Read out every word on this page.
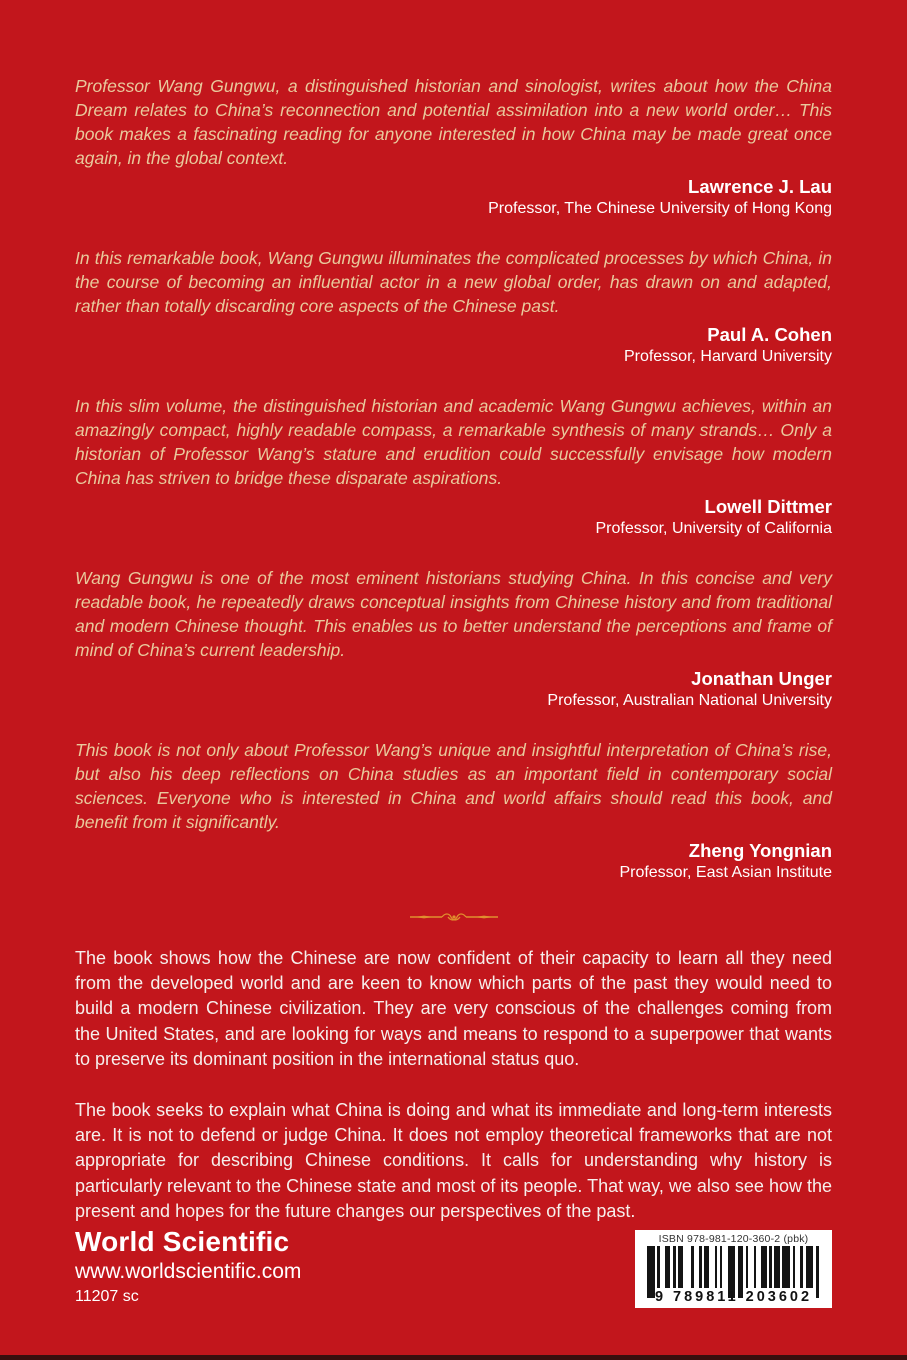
Professor Wang Gungwu, a distinguished historian and sinologist, writes about how the China Dream relates to China’s reconnection and potential assimilation into a new world order… This book makes a fascinating reading for anyone interested in how China may be made great once again, in the global context.
Lawrence J. Lau
Professor, The Chinese University of Hong Kong
In this remarkable book, Wang Gungwu illuminates the complicated processes by which China, in the course of becoming an influential actor in a new global order, has drawn on and adapted, rather than totally discarding core aspects of the Chinese past.
Paul A. Cohen
Professor, Harvard University
In this slim volume, the distinguished historian and academic Wang Gungwu achieves, within an amazingly compact, highly readable compass, a remarkable synthesis of many strands… Only a historian of Professor Wang’s stature and erudition could successfully envisage how modern China has striven to bridge these disparate aspirations.
Lowell Dittmer
Professor, University of California
Wang Gungwu is one of the most eminent historians studying China. In this concise and very readable book, he repeatedly draws conceptual insights from Chinese history and from traditional and modern Chinese thought. This enables us to better understand the perceptions and frame of mind of China’s current leadership.
Jonathan Unger
Professor, Australian National University
This book is not only about Professor Wang’s unique and insightful interpretation of China’s rise, but also his deep reflections on China studies as an important field in contemporary social sciences. Everyone who is interested in China and world affairs should read this book, and benefit from it significantly.
Zheng Yongnian
Professor, East Asian Institute

The book shows how the Chinese are now confident of their capacity to learn all they need from the developed world and are keen to know which parts of the past they would need to build a modern Chinese civilization. They are very conscious of the challenges coming from the United States, and are looking for ways and means to respond to a superpower that wants to preserve its dominant position in the international status quo.

The book seeks to explain what China is doing and what its immediate and long-term interests are. It is not to defend or judge China. It does not employ theoretical frameworks that are not appropriate for describing Chinese conditions. It calls for understanding why history is particularly relevant to the Chinese state and most of its people. That way, we also see how the present and hopes for the future changes our perspectives of the past.

World Scientific
www.worldscientific.com
11207 sc
ISBN 978-981-120-360-2 (pbk)
9 789811 203602
